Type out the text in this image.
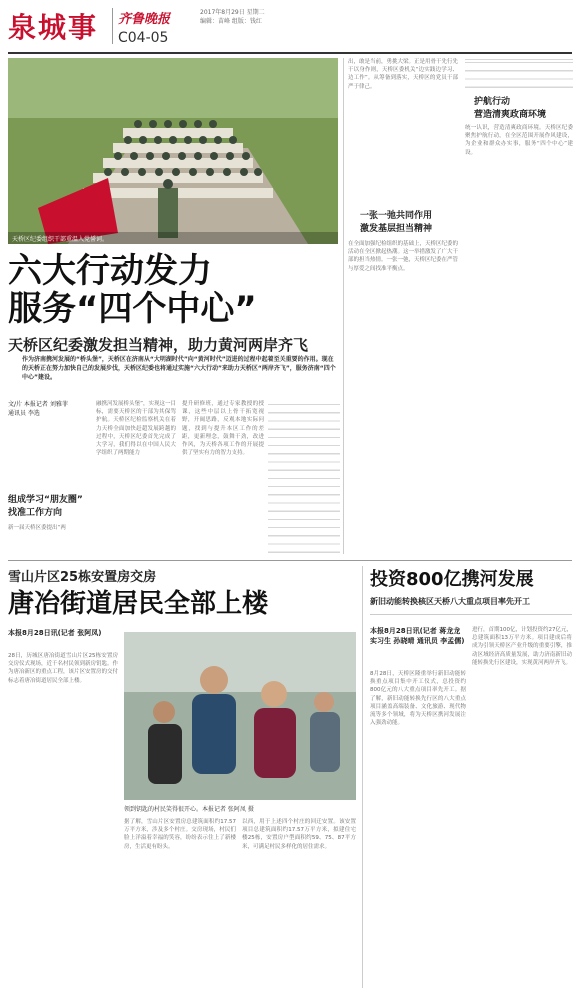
泉城事 齐鲁晚报	2017年8月29日 星期二
编辑：苗峰 组版：钱红
C04-05
天桥区纪委组织干部重温入党誓词。
六大行动发力
服务“四个中心”
天桥区纪委激发担当精神，助力黄河两岸齐飞
作为济南携河发展的“桥头堡”，天桥区在济南从“大明湖时代”向“黄河时代”迈进的过程中起着至关重要的作用。现在的天桥正在努力加快自己的发展步伐，天桥区纪委也将通过实施“六大行动”来助力天桥区“两岸齐飞”，服务济南“四个中心”建设。
文/片 本报记者 刘雅菲
通讯员 李选
组成学习“朋友圈”
找准工作方向
新一届天桥区委提出“两
融携河发展桥头堡”，实现这一目标，需要天桥区的干部为其保驾护航。天桥区纪检监察机关在着力天桥全面加快赶超发展跨越的过程中，天桥区纪委首先完成了大学习，我们得以在中国人民大学组织了两期能力
提升研修班，通过专家教授的授课，这些中层以上骨干拓宽视野，开阔思路，反观本地实际问题，找到与提升本区工作的差距，更新理念，鼓舞干劲，改进作风，为天桥各项工作的开展提供了坚实有力的智力支持。
出，敢是当前，勇挑大梁。正是用骨干先行先干以身作则，天桥区委机关“边实践边学习、边工作”。从筹备到落实，天桥区的党员干部严于律己。
一张一弛共同作用
激发基层担当精神
在全面加强纪检组织的基础上，天桥区纪委的活动在全区掀起热潮。这一举措激发了广大干部的担当热情。一张一弛，天桥区纪委在严管与厚爱之间找准平衡点。
护航行动
营造清爽政商环境
统一认识，营造清爽政商环境。天桥区纪委聚焦护航行动，在全区范围开展作风建设，为企业和群众办实事，服务“四个中心”建设。
雪山片区25栋安置房交房
唐冶街道居民全部上楼
本报8月28日讯(记者 张阿凤)
28日，历城区唐冶街道雪山片区25栋安置房交房仪式现场，近千名村民领到新房钥匙。作为唐冶新区的重点工程，该片区安置房的交付标志着唐冶街道居民全部上楼。
领到钥匙的村民笑得很开心。本报记者 张阿凤 摄
据了解，雪山片区安置房总建筑面积约17.57万平方米，涉及多个村庄。交房现场，村民们脸上洋溢着幸福的笑容，纷纷表示住上了新楼房，生活更有盼头。
以西，用于上述四个村庄的回迁安置。该安置项目总建筑面积约17.57万平方米，拟建住宅楼25栋，安置房户型面积约59、75、87平方米，可满足村民多样化的居住需求。
投资800亿携河发展
新旧动能转换核区天桥八大重点项目率先开工
本报8月28日讯(记者 蒋龙龙 实习生 孙晓晴 通讯员 李孟儒)
8月28日，天桥区隆重举行新旧动能转换重点项目集中开工仪式，总投资约800亿元的八大重点项目率先开工。据了解，新旧动能转换先行区的八大重点项目涵盖高端装备、文化旅游、现代物流等多个领域，将为天桥区携河发展注入强劲动能。
进行，首期100亿，计划投资约27亿元，总建筑面积13万平方米。项目建成后将成为引领天桥区产业升级的重要引擎，推动区域经济高质量发展，助力济南新旧动能转换先行区建设，实现黄河两岸齐飞。
